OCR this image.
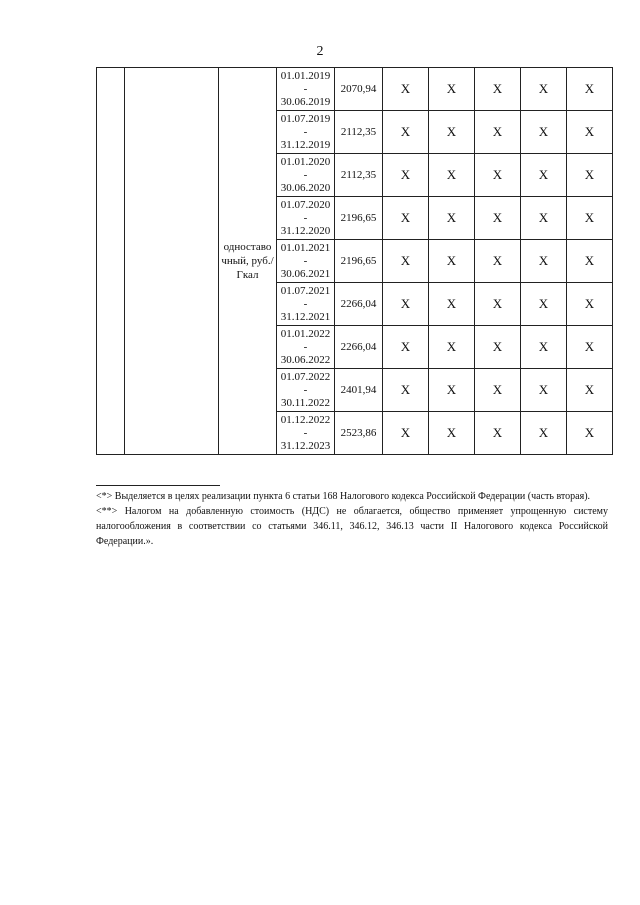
2
		одноставо чный, руб./Гкал	01.01.2019
-
30.06.2019	2070,94	X	X	X	X	X

			01.07.2019
-
31.12.2019	2112,35	X	X	X	X	X

			01.01.2020
-
30.06.2020	2112,35	X	X	X	X	X

			01.07.2020
-
31.12.2020	2196,65	X	X	X	X	X

			01.01.2021
-
30.06.2021	2196,65	X	X	X	X	X

			01.07.2021
-
31.12.2021	2266,04	X	X	X	X	X

			01.01.2022
-
30.06.2022	2266,04	X	X	X	X	X

			01.07.2022
-
30.11.2022	2401,94	X	X	X	X	X

			01.12.2022
-
31.12.2023	2523,86	X	X	X	X	X

<*> Выделяется в целях реализации пункта 6 статьи 168 Налогового кодекса Российской Федерации (часть вторая).

<**> Налогом на добавленную стоимость (НДС) не облагается, общество применяет упрощенную систему налогообложения в соответствии со статьями 346.11, 346.12, 346.13 части II Налогового кодекса Российской Федерации.».
